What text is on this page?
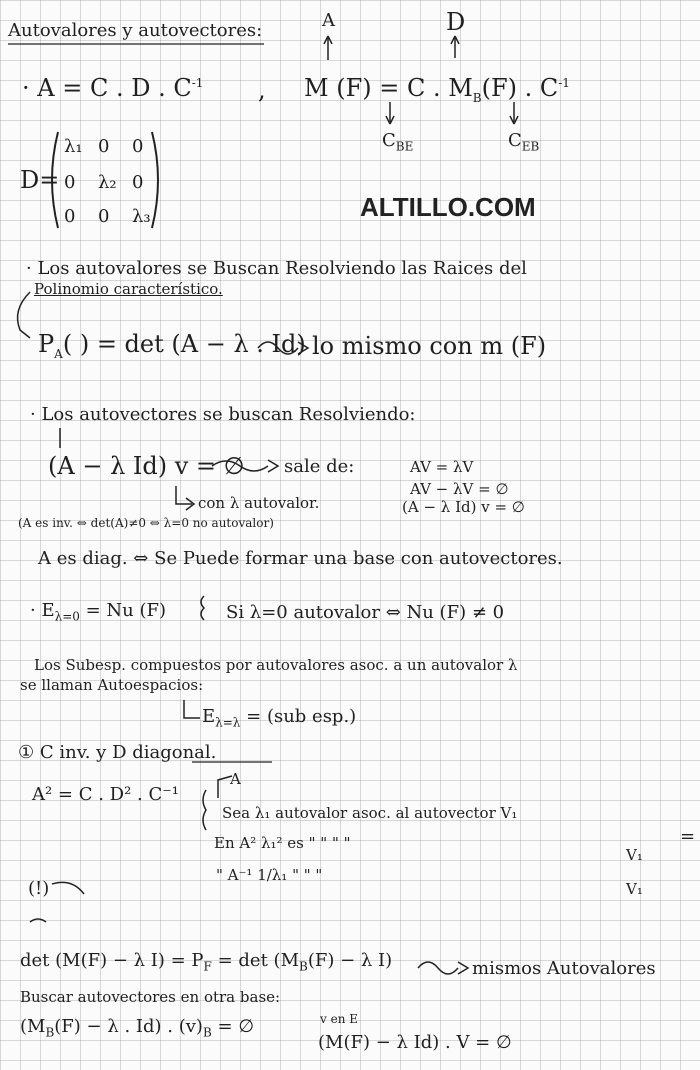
ALTILLO.COM
Autovalores y autovectores:
· A = C . D . $C^{-1}$ ,
A	D
M (F) = C . $M_B(F)$ . $C^{-1}$
$C_{BE}$	$C_{EB}$
D=
λ₁ 0 0
0 λ₂ 0
0 0 λ₃
· Los autovalores se Buscan Resolviendo las Raices del
Polinomio característico.
$P_A$( ) = det (A − λ . Id) lo mismo con m (F)
· Los autovectores se buscan Resolviendo:
(A − λ Id) v = ∅ sale de:	AV = λV
AV − λV = ∅
(A − λ Id) v = ∅
con λ autovalor.
(A es inv. ⇔ det(A)≠0 ⇔ λ=0 no autovalor)
A es diag. ⇔ Se Puede formar una base con autovectores.
· $E_{\lambda=0} = Nu$ (F)	Si λ=0 autovalor ⇔ Nu (F) ≠ 0
Los Subesp. compuestos por autovalores asoc. a un autovalor λ
se llaman Autoespacios:
$E_{\lambda=\lambda} = (sub$ esp.)
① C inv. y D diagonal.
A² = C . D² . C⁻¹
A
Sea λ₁ autovalor asoc. al autovector V₁
En A² λ₁² es " " " "
V₁
=
" A⁻¹ 1/λ₁ " " "
V₁
(!)
det (M(F) − λ $I) = P_F = \det (M_B(F) - \lambda$ I)	mismos Autovalores
Buscar autovectores en otra base:
($M_B(F) - \lambda$ . Id) . $(v)_B$ = ∅	v en E
(M(F) − λ Id) . V = ∅
